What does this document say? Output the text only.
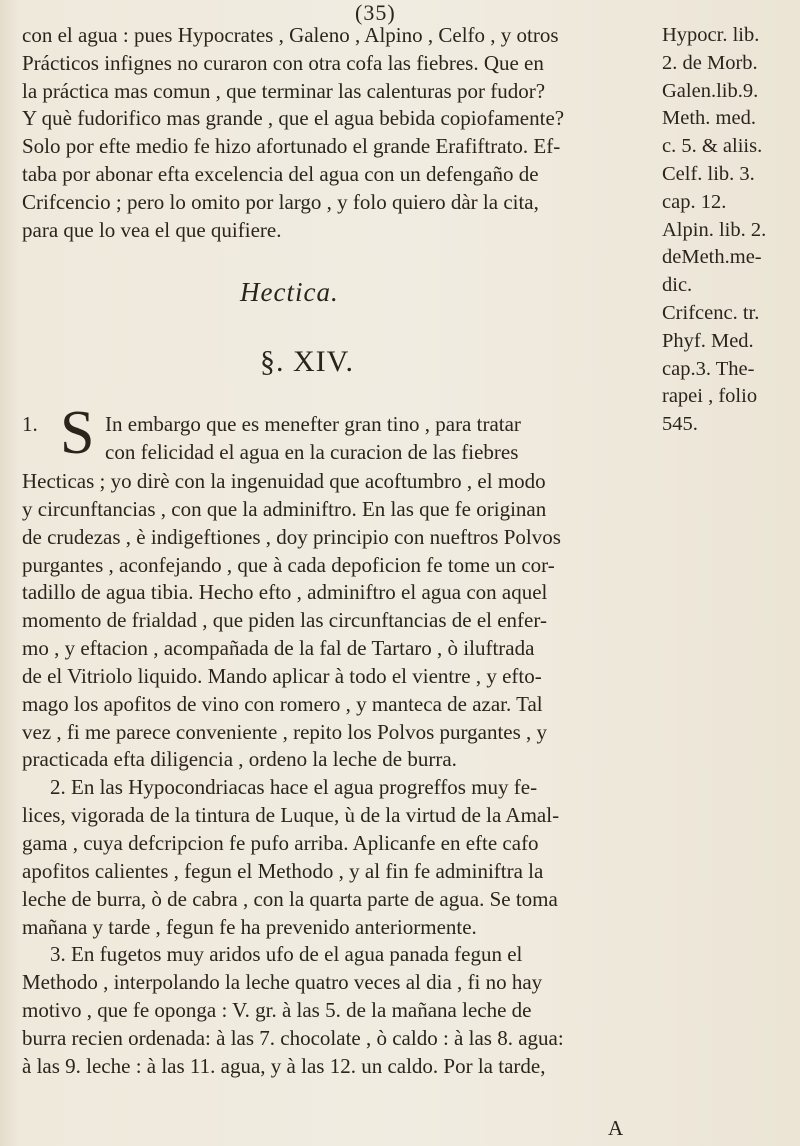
(35)
con el agua : pues Hypocrates , Galeno , Alpino , Celfo , y otros
Prácticos infignes no curaron con otra cofa las fiebres. Que en
la práctica mas comun , que terminar las calenturas por fudor?
Y què fudorifico mas grande , que el agua bebida copiofamente?
Solo por efte medio fe hizo afortunado el grande Erafiftrato. Ef-
taba por abonar efta excelencia del agua con un defengaño de
Crifcencio ; pero lo omito por largo , y folo quiero dàr la cita,
para que lo vea el que quifiere.
Hypocr. lib.
2. de Morb.
Galen.lib.9.
Meth. med.
c. 5. & aliis.
Celf. lib. 3.
cap. 12.
Alpin. lib. 2.
deMeth.me-
dic.
Crifcenc. tr.
Phyf. Med.
cap.3. The-
rapei , folio
545.
Hectica.
§. XIV.
1. S In embargo que es menefter gran tino , para tratar
con felicidad el agua en la curacion de las fiebres
Hecticas ; yo dirè con la ingenuidad que acoftumbro , el modo
y circunftancias , con que la adminiftro. En las que fe originan
de crudezas , è indigeftiones , doy principio con nueftros Polvos
purgantes , aconfejando , que à cada depoficion fe tome un cor-
tadillo de agua tibia. Hecho efto , adminiftro el agua con aquel
momento de frialdad , que piden las circunftancias de el enfer-
mo , y eftacion , acompañada de la fal de Tartaro , ò iluftrada
de el Vitriolo liquido. Mando aplicar à todo el vientre , y efto-
mago los apofitos de vino con romero , y manteca de azar. Tal
vez , fi me parece conveniente , repito los Polvos purgantes , y
practicada efta diligencia , ordeno la leche de burra.
2. En las Hypocondriacas hace el agua progreffos muy fe-
lices, vigorada de la tintura de Luque, ù de la virtud de la Amal-
gama , cuya defcripcion fe pufo arriba. Aplicanfe en efte cafo
apofitos calientes , fegun el Methodo , y al fin fe adminiftra la
leche de burra, ò de cabra , con la quarta parte de agua. Se toma
mañana y tarde , fegun fe ha prevenido anteriormente.
3. En fugetos muy aridos ufo de el agua panada fegun el
Methodo , interpolando la leche quatro veces al dia , fi no hay
motivo , que fe oponga : V. gr. à las 5. de la mañana leche de
burra recien ordenada: à las 7. chocolate , ò caldo : à las 8. agua:
à las 9. leche : à las 11. agua, y à las 12. un caldo. Por la tarde,
A
